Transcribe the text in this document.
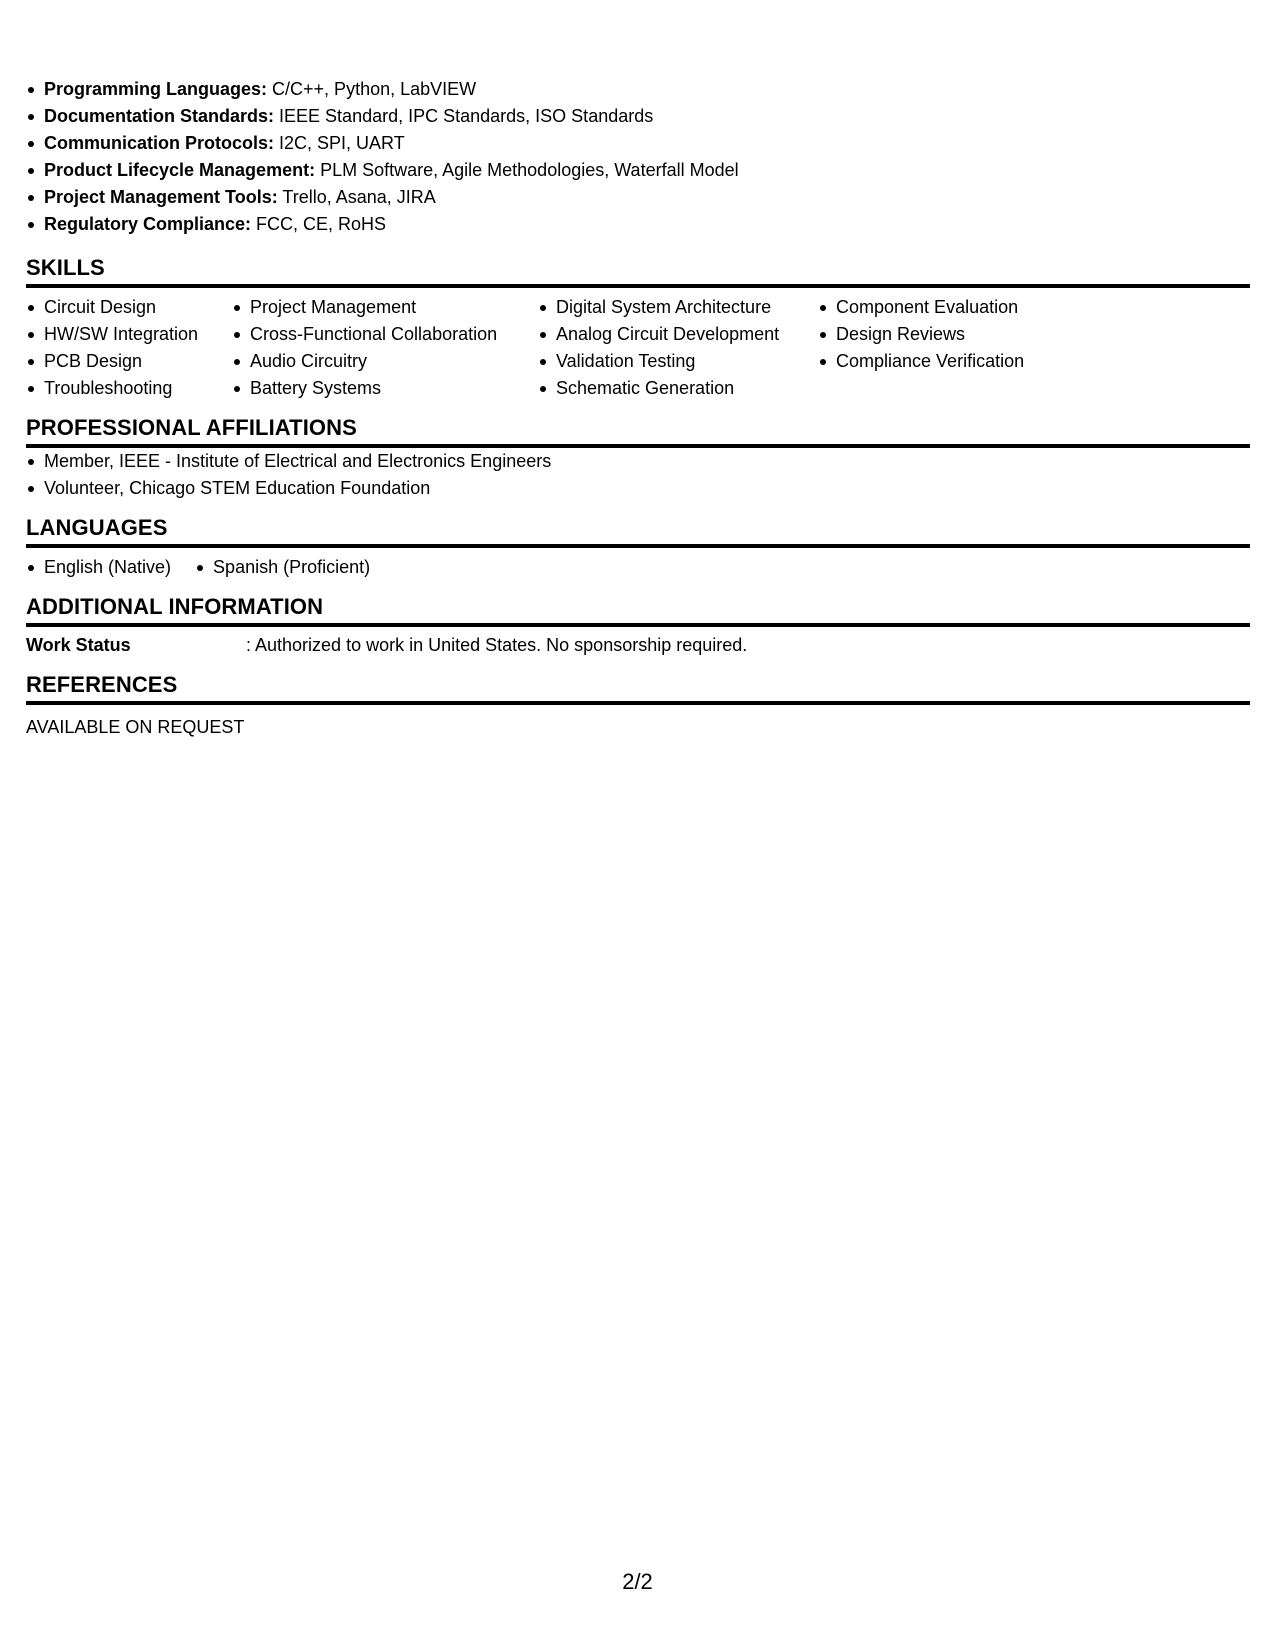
Programming Languages: C/C++, Python, LabVIEW
Documentation Standards: IEEE Standard, IPC Standards, ISO Standards
Communication Protocols: I2C, SPI, UART
Product Lifecycle Management: PLM Software, Agile Methodologies, Waterfall Model
Project Management Tools: Trello, Asana, JIRA
Regulatory Compliance: FCC, CE, RoHS
SKILLS
Circuit Design
HW/SW Integration
PCB Design
Troubleshooting
Project Management
Cross-Functional Collaboration
Audio Circuitry
Battery Systems
Digital System Architecture
Analog Circuit Development
Validation Testing
Schematic Generation
Component Evaluation
Design Reviews
Compliance Verification
PROFESSIONAL AFFILIATIONS
Member, IEEE - Institute of Electrical and Electronics Engineers
Volunteer, Chicago STEM Education Foundation
LANGUAGES
English (Native) Spanish (Proficient)
ADDITIONAL INFORMATION
Work Status	: Authorized to work in United States. No sponsorship required.
REFERENCES
AVAILABLE ON REQUEST
2/2
